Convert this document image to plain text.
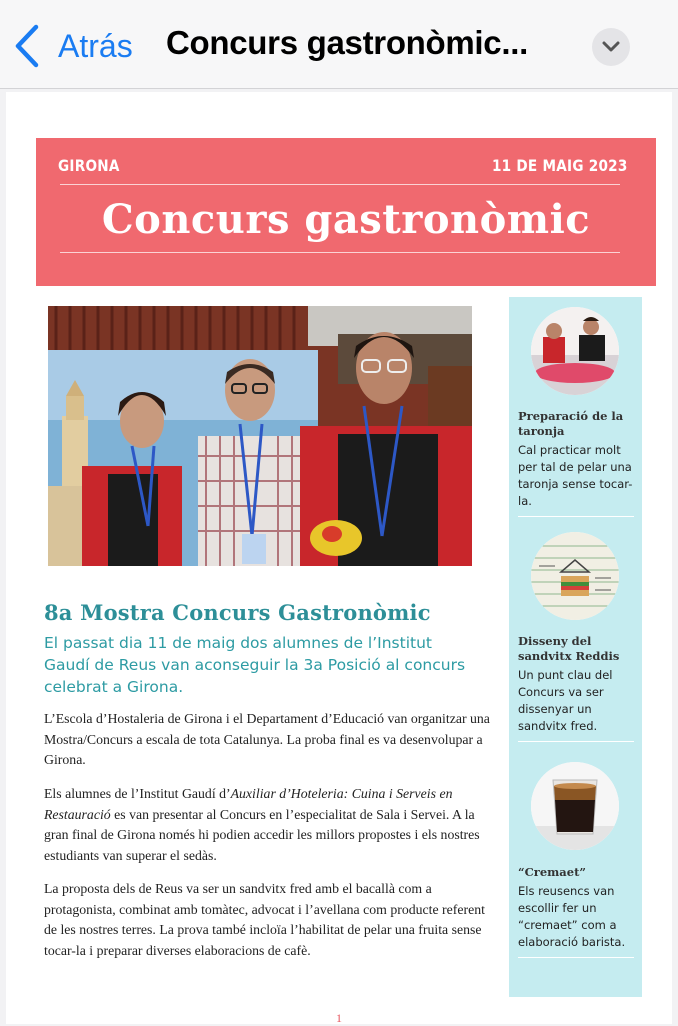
Atrás Concurs gastronòmic...
GIRONA	11 DE MAIG 2023
Concurs gastronòmic
8a Mostra Concurs Gastronòmic
El passat dia 11 de maig dos alumnes de l’Institut Gaudí de Reus van aconseguir la 3a Posició al concurs celebrat a Girona.
L’Escola d’Hostaleria de Girona i el Departament d’Educació van organitzar una Mostra/Concurs a escala de tota Catalunya. La proba final es va desenvolupar a Girona.
Els alumnes de l’Institut Gaudí d’Auxiliar d’Hoteleria: Cuina i Serveis en Restauració es van presentar al Concurs en l’especialitat de Sala i Servei. A la gran final de Girona només hi podien accedir les millors propostes i els nostres estudiants van superar el sedàs.
La proposta dels de Reus va ser un sandvitx fred amb el bacallà com a protagonista, combinat amb tomàtec, advocat i l’avellana com producte referent de les nostres terres. La prova també incloïa l’habilitat de pelar una fruita sense tocar-la i preparar diverses elaboracions de cafè.
Preparació de la taronja
Cal practicar molt per tal de pelar una taronja sense tocar-la.
Disseny del sandvitx Reddis
Un punt clau del Concurs va ser dissenyar un sandvitx fred.
“Cremaet”
Els reusencs van escollir fer un “cremaet” com a elaboració barista.
1
